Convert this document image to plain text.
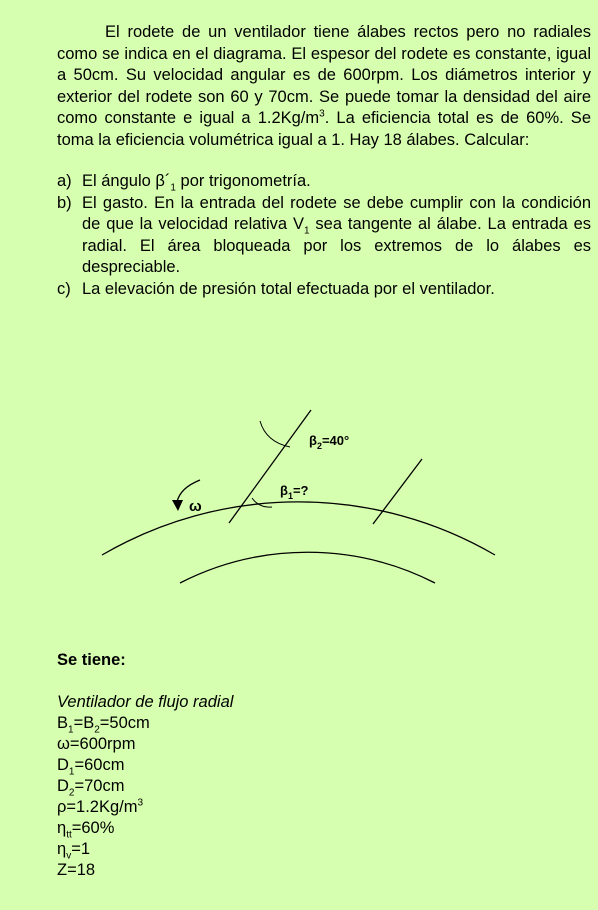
El rodete de un ventilador tiene álabes rectos pero no radiales como se indica en el diagrama. El espesor del rodete es constante, igual a 50cm. Su velocidad angular es de 600rpm. Los diámetros interior y exterior del rodete son 60 y 70cm. Se puede tomar la densidad del aire como constante e igual a $1.2Kg/m^3$. La eficiencia total es de 60%. Se toma la eficiencia volumétrica igual a 1. Hay 18 álabes. Calcular:

a) El ángulo $\beta´_1$ por trigonometría.
b) El gasto. En la entrada del rodete se debe cumplir con la condición de que la velocidad relativa $V_1$ sea tangente al álabe. La entrada es radial. El área bloqueada por los extremos de lo álabes es despreciable.
c) La elevación de presión total efectuada por el ventilador.
$\beta_2=40^\circ$
$\beta_1=$?
ω
Se tiene:
Ventilador de flujo radial
$B_1=B_2=50cm$
ω=600rpm
$D_1=60cm$
$D_2=70cm$
$\rho=1.2Kg/m^3$
$\eta_{tt}=60\%$
$\eta_v=1$
Z=18
